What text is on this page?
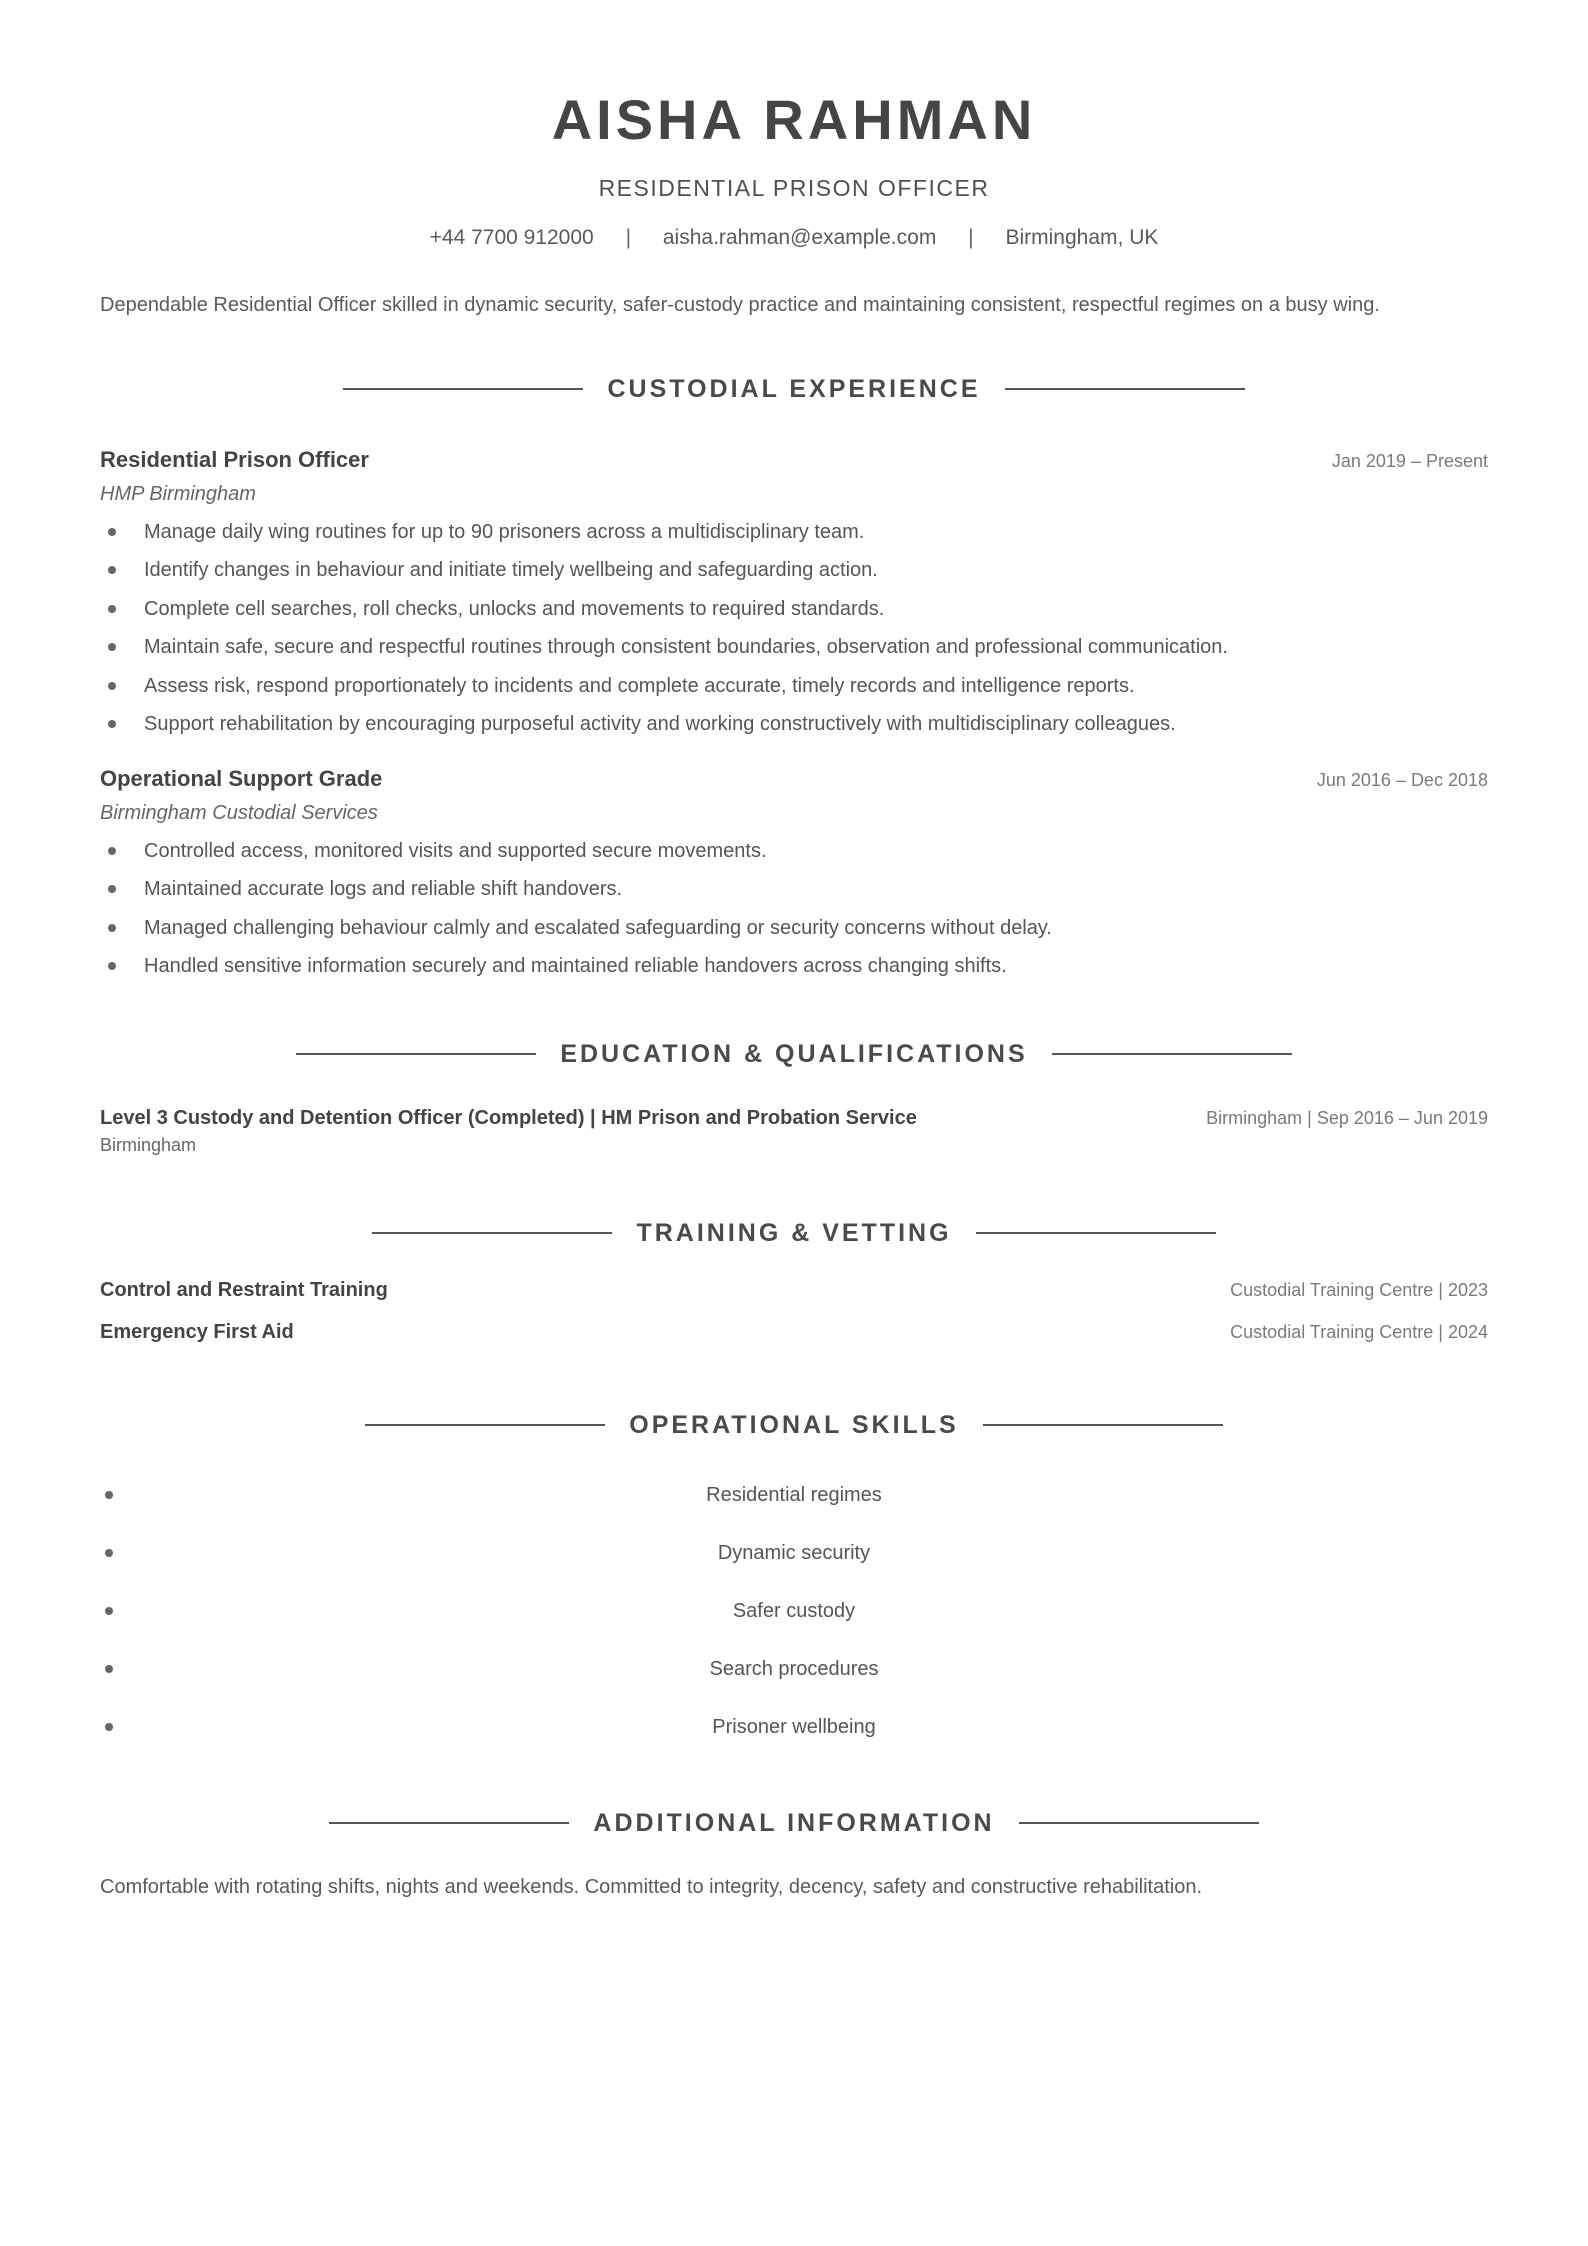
AISHA RAHMAN
RESIDENTIAL PRISON OFFICER
+44 7700 912000 | aisha.rahman@example.com | Birmingham, UK
Dependable Residential Officer skilled in dynamic security, safer-custody practice and maintaining consistent, respectful regimes on a busy wing.
CUSTODIAL EXPERIENCE
Residential Prison Officer	Jan 2019 – Present
HMP Birmingham
Manage daily wing routines for up to 90 prisoners across a multidisciplinary team.
Identify changes in behaviour and initiate timely wellbeing and safeguarding action.
Complete cell searches, roll checks, unlocks and movements to required standards.
Maintain safe, secure and respectful routines through consistent boundaries, observation and professional communication.
Assess risk, respond proportionately to incidents and complete accurate, timely records and intelligence reports.
Support rehabilitation by encouraging purposeful activity and working constructively with multidisciplinary colleagues.
Operational Support Grade	Jun 2016 – Dec 2018
Birmingham Custodial Services
Controlled access, monitored visits and supported secure movements.
Maintained accurate logs and reliable shift handovers.
Managed challenging behaviour calmly and escalated safeguarding or security concerns without delay.
Handled sensitive information securely and maintained reliable handovers across changing shifts.
EDUCATION & QUALIFICATIONS
Level 3 Custody and Detention Officer (Completed) | HM Prison and Probation Service	Birmingham | Sep 2016 – Jun 2019
Birmingham
TRAINING & VETTING
Control and Restraint Training	Custodial Training Centre | 2023
Emergency First Aid	Custodial Training Centre | 2024
OPERATIONAL SKILLS
Residential regimes
Dynamic security
Safer custody
Search procedures
Prisoner wellbeing
ADDITIONAL INFORMATION
Comfortable with rotating shifts, nights and weekends. Committed to integrity, decency, safety and constructive rehabilitation.
